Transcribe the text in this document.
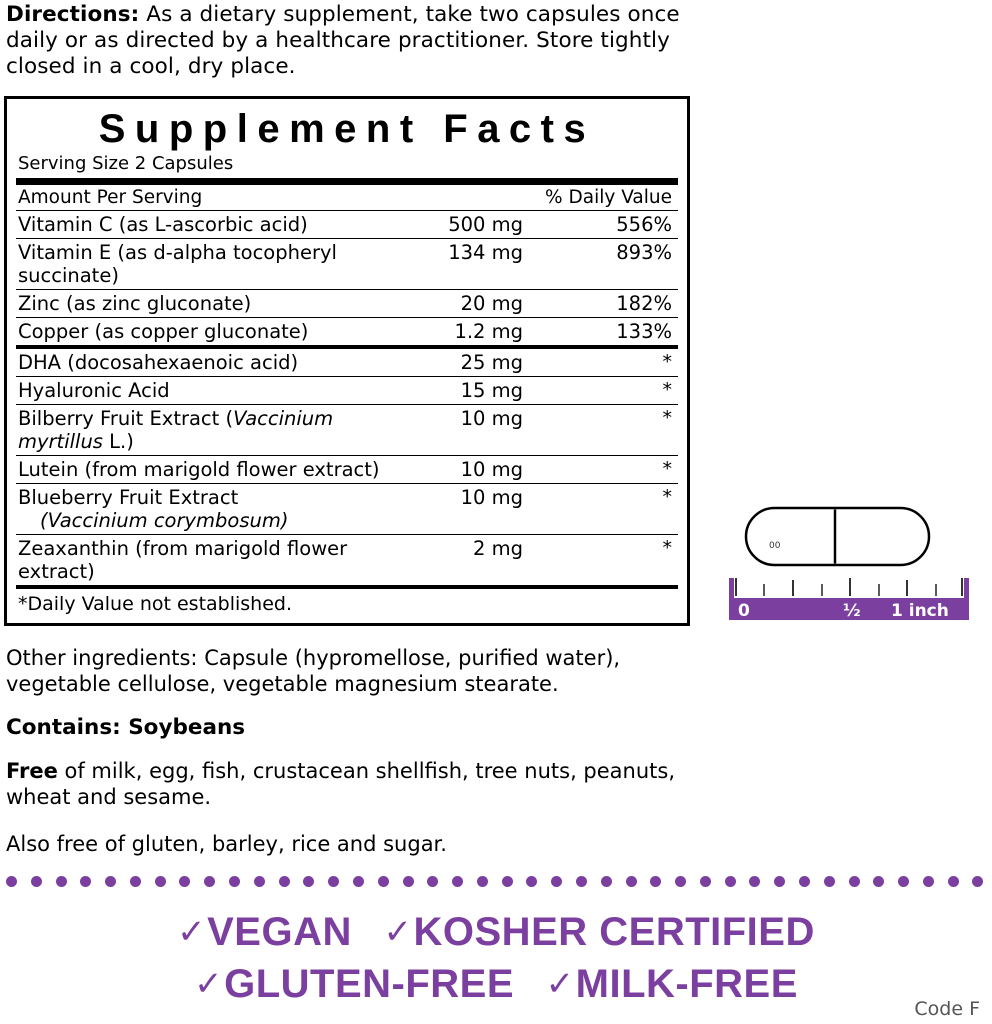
Directions: As a dietary supplement, take two capsules once daily or as directed by a healthcare practitioner. Store tightly closed in a cool, dry place.
Supplement Facts
Serving Size 2 Capsules
Amount Per Serving		% Daily Value
Vitamin C (as L-ascorbic acid)	500 mg	556%
Vitamin E (as d-alpha tocopheryl succinate)	134 mg	893%
Zinc (as zinc gluconate)	20 mg	182%
Copper (as copper gluconate)	1.2 mg	133%
DHA (docosahexaenoic acid)	25 mg	*
Hyaluronic Acid	15 mg	*
Bilberry Fruit Extract (Vaccinium myrtillus L.)	10 mg	*
Lutein (from marigold flower extract)	10 mg	*
Blueberry Fruit Extract
(Vaccinium corymbosum)	10 mg	*
Zeaxanthin (from marigold flower extract)	2 mg	*
*Daily Value not established.
00
0	½ 1 inch
Other ingredients: Capsule (hypromellose, purified water), vegetable cellulose, vegetable magnesium stearate.
Contains: Soybeans
Free of milk, egg, fish, crustacean shellfish, tree nuts, peanuts, wheat and sesame.
Also free of gluten, barley, rice and sugar.
✓VEGAN ✓KOSHER CERTIFIED
✓GLUTEN-FREE ✓MILK-FREE
Code F
